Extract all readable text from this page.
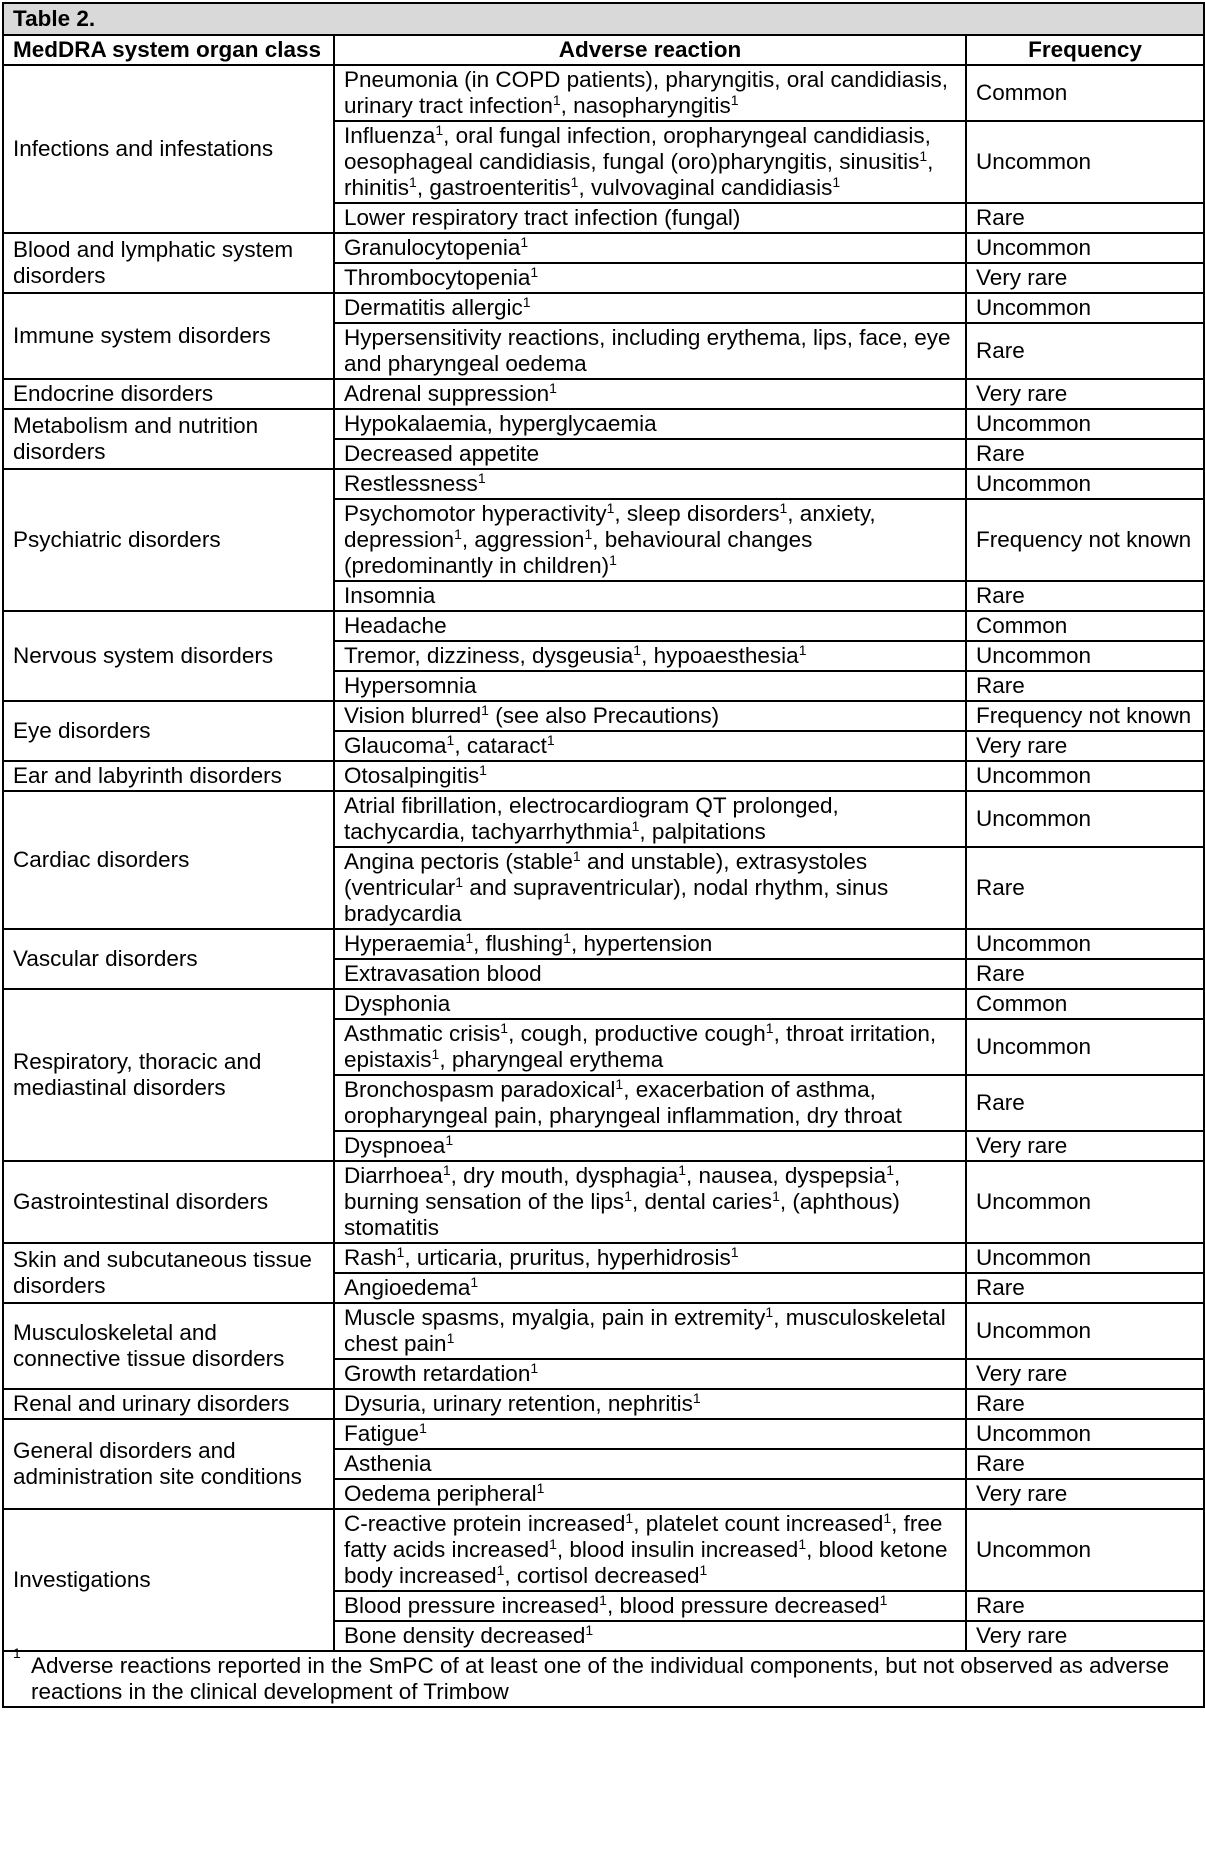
Table 2.		
MedDRA system organ class	Adverse reaction	Frequency
Infections and infestations	Pneumonia (in COPD patients), pharyngitis, oral candidiasis, urinary tract infection$^1$, nasopharyngitis$^1$	Common
	Influenza$^1$, oral fungal infection, oropharyngeal candidiasis, oesophageal candidiasis, fungal (oro)pharyngitis, sinusitis$^1$, rhinitis$^1$, gastroenteritis$^1$, vulvovaginal candidiasis$^1$	Uncommon
	Lower respiratory tract infection (fungal)	Rare
Blood and lymphatic system disorders	Granulocytopenia$^1$	Uncommon
	Thrombocytopenia$^1$	Very rare
Immune system disorders	Dermatitis allergic$^1$	Uncommon
	Hypersensitivity reactions, including erythema, lips, face, eye and pharyngeal oedema	Rare
Endocrine disorders	Adrenal suppression$^1$	Very rare
Metabolism and nutrition disorders	Hypokalaemia, hyperglycaemia	Uncommon
	Decreased appetite	Rare
Psychiatric disorders	Restlessness$^1$	Uncommon
	Psychomotor hyperactivity$^1$, sleep disorders$^1$, anxiety, depression$^1$, aggression$^1$, behavioural changes (predominantly in children)$^1$	Frequency not known
	Insomnia	Rare
Nervous system disorders	Headache	Common
	Tremor, dizziness, dysgeusia$^1$, hypoaesthesia$^1$	Uncommon
	Hypersomnia	Rare
Eye disorders	Vision blurred$^1$ (see also Precautions)	Frequency not known
	Glaucoma$^1$, cataract$^1$	Very rare
Ear and labyrinth disorders	Otosalpingitis$^1$	Uncommon
Cardiac disorders	Atrial fibrillation, electrocardiogram QT prolonged, tachycardia, tachyarrhythmia$^1$, palpitations	Uncommon
	Angina pectoris (stable$^1$ and unstable), extrasystoles (ventricular$^1$ and supraventricular), nodal rhythm, sinus bradycardia	Rare
Vascular disorders	Hyperaemia$^1$, flushing$^1$, hypertension	Uncommon
	Extravasation blood	Rare
Respiratory, thoracic and mediastinal disorders	Dysphonia	Common
	Asthmatic crisis$^1$, cough, productive cough$^1$, throat irritation, epistaxis$^1$, pharyngeal erythema	Uncommon
	Bronchospasm paradoxical$^1$, exacerbation of asthma, oropharyngeal pain, pharyngeal inflammation, dry throat	Rare
	Dyspnoea$^1$	Very rare
Gastrointestinal disorders	Diarrhoea$^1$, dry mouth, dysphagia$^1$, nausea, dyspepsia$^1$, burning sensation of the lips$^1$, dental caries$^1$, (aphthous) stomatitis	Uncommon
Skin and subcutaneous tissue disorders	Rash$^1$, urticaria, pruritus, hyperhidrosis$^1$	Uncommon
	Angioedema$^1$	Rare
Musculoskeletal and connective tissue disorders	Muscle spasms, myalgia, pain in extremity$^1$, musculoskeletal chest pain$^1$	Uncommon
	Growth retardation$^1$	Very rare
Renal and urinary disorders	Dysuria, urinary retention, nephritis$^1$	Rare
General disorders and administration site conditions	Fatigue$^1$	Uncommon
	Asthenia	Rare
	Oedema peripheral$^1$	Very rare
Investigations	C-reactive protein increased$^1$, platelet count increased$^1$, free fatty acids increased$^1$, blood insulin increased$^1$, blood ketone body increased$^1$, cortisol decreased$^1$	Uncommon
	Blood pressure increased$^1$, blood pressure decreased$^1$	Rare
	Bone density decreased$^1$	Very rare
$^1$ Adverse reactions reported in the SmPC of at least one of the individual components, but not observed as adverse reactions in the clinical development of Trimbow		
